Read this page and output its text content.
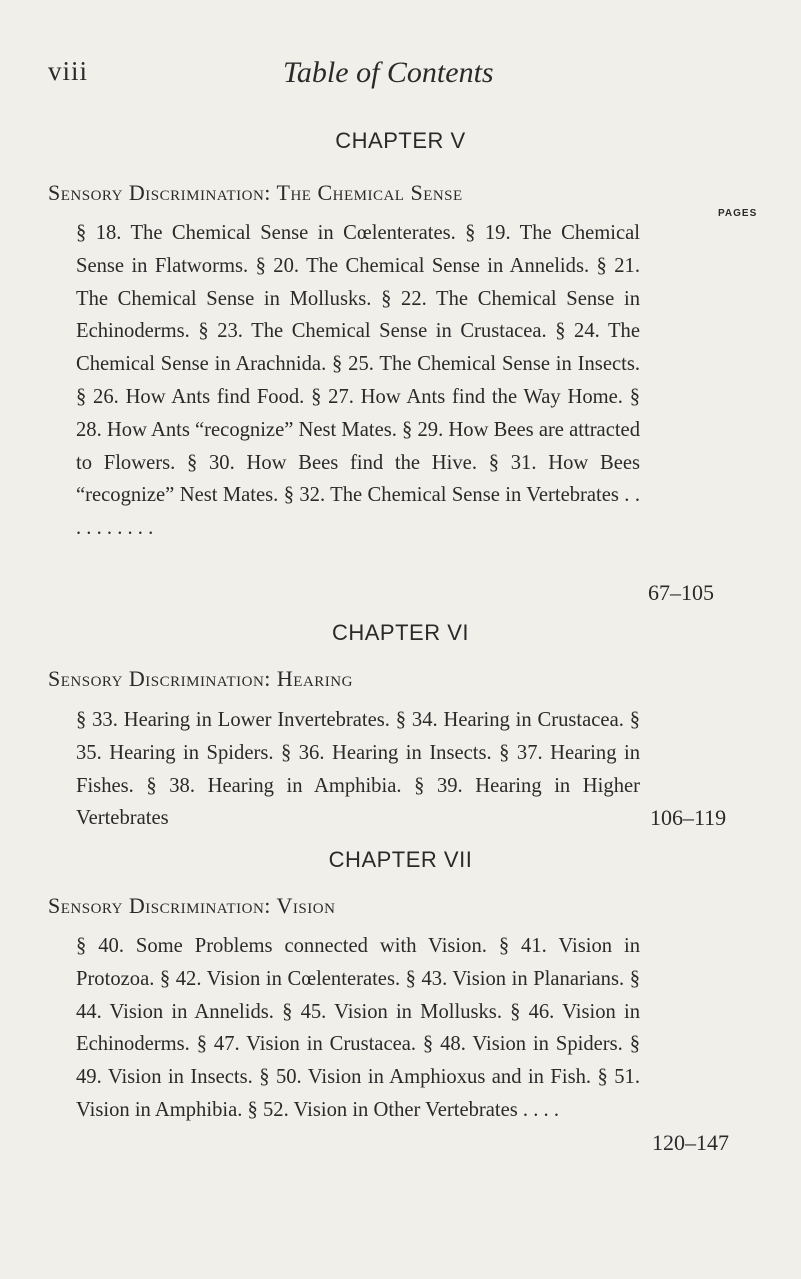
viii	Table of Contents
CHAPTER V
Sensory Discrimination: The Chemical Sense
PAGES
§ 18. The Chemical Sense in Cœlenterates. § 19. The Chemical Sense in Flatworms. § 20. The Chemical Sense in Annelids. § 21. The Chemical Sense in Mollusks. § 22. The Chemical Sense in Echinoderms. § 23. The Chemical Sense in Crustacea. § 24. The Chemical Sense in Arachnida. § 25. The Chemical Sense in Insects. § 26. How Ants find Food. § 27. How Ants find the Way Home. § 28. How Ants “recognize” Nest Mates. § 29. How Bees are attracted to Flowers. § 30. How Bees find the Hive. § 31. How Bees “recognize” Nest Mates. § 32. The Chemical Sense in Vertebrates . . . . . . . . . .
67–105
CHAPTER VI
Sensory Discrimination: Hearing
§ 33. Hearing in Lower Invertebrates. § 34. Hearing in Crustacea. § 35. Hearing in Spiders. § 36. Hearing in Insects. § 37. Hearing in Fishes. § 38. Hearing in Amphibia. § 39. Hearing in Higher Vertebrates	106–119
CHAPTER VII
Sensory Discrimination: Vision
§ 40. Some Problems connected with Vision. § 41. Vision in Protozoa. § 42. Vision in Cœlenterates. § 43. Vision in Planarians. § 44. Vision in Annelids. § 45. Vision in Mollusks. § 46. Vision in Echinoderms. § 47. Vision in Crustacea. § 48. Vision in Spiders. § 49. Vision in Insects. § 50. Vision in Amphioxus and in Fish. § 51. Vision in Amphibia. § 52. Vision in Other Vertebrates . . . .
120–147
